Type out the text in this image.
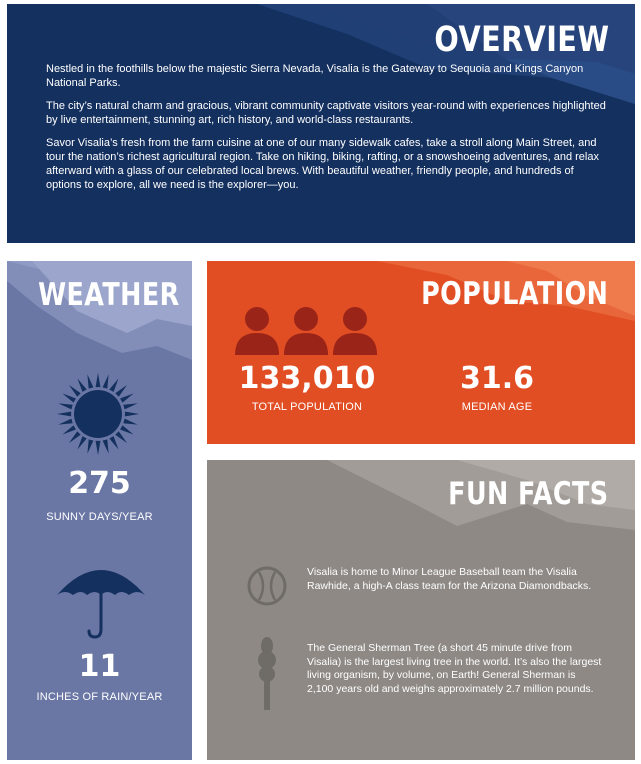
OVERVIEW

Nestled in the foothills below the majestic Sierra Nevada, Visalia is the Gateway to Sequoia and Kings Canyon National Parks.

The city’s natural charm and gracious, vibrant community captivate visitors year-round with experiences highlighted by live entertainment, stunning art, rich history, and world-class restaurants.

Savor Visalia’s fresh from the farm cuisine at one of our many sidewalk cafes, take a stroll along Main Street, and tour the nation’s richest agricultural region. Take on hiking, biking, rafting, or a snowshoeing adventures, and relax afterward with a glass of our celebrated local brews. With beautiful weather, friendly people, and hundreds of options to explore, all we need is the explorer—you.

WEATHER
275
SUNNY DAYS/YEAR
11
INCHES OF RAIN/YEAR
POPULATION
133,010
TOTAL POPULATION
31.6
MEDIAN AGE
FUN FACTS
Visalia is home to Minor League Baseball team the Visalia Rawhide, a high-A class team for the Arizona Diamondbacks.
The General Sherman Tree (a short 45 minute drive from Visalia) is the largest living tree in the world. It’s also the largest living organism, by volume, on Earth! General Sherman is 2,100 years old and weighs approximately 2.7 million pounds.
